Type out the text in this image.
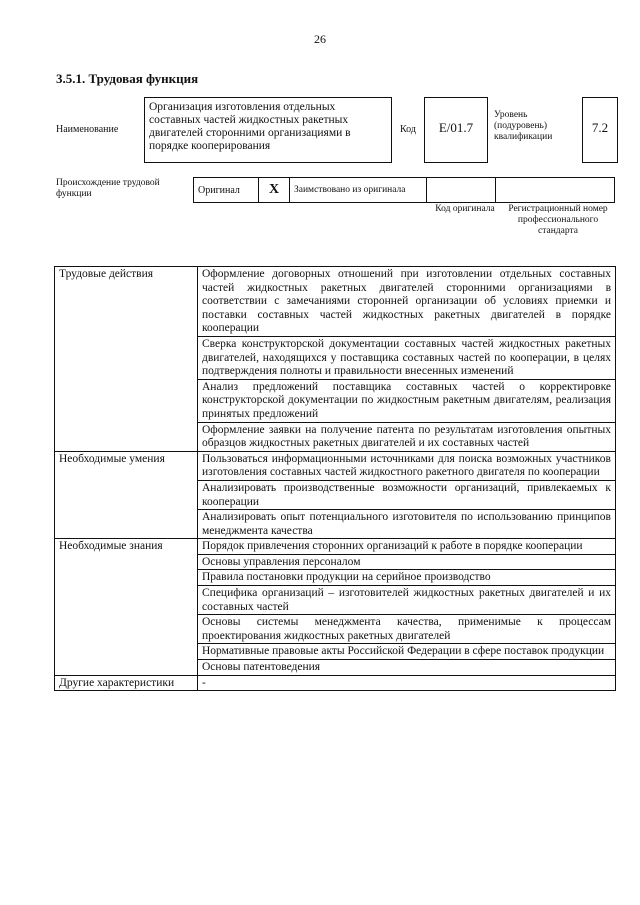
26
3.5.1. Трудовая функция
Наименование
Организация изготовления отдельных составных частей жидкостных ракетных двигателей сторонними организациями в порядке кооперирования
Код	E/01.7
Уровень (подуровень) квалификации
7.2
Происхождение трудовой функции	Оригинал	X	Заимствовано из оригинала		
Код оригинала	Регистрационный номер профессионального стандарта
Трудовые действия	Оформление договорных отношений при изготовлении отдельных составных частей жидкостных ракетных двигателей сторонними организациями в соответствии с замечаниями сторонней организации об условиях приемки и поставки составных частей жидкостных ракетных двигателей в порядке кооперации
	Сверка конструкторской документации составных частей жидкостных ракетных двигателей, находящихся у поставщика составных частей по кооперации, в целях подтверждения полноты и правильности внесенных изменений
	Анализ предложений поставщика составных частей о корректировке конструкторской документации по жидкостным ракетным двигателям, реализация принятых предложений
	Оформление заявки на получение патента по результатам изготовления опытных образцов жидкостных ракетных двигателей и их составных частей
Необходимые умения	Пользоваться информационными источниками для поиска возможных участников изготовления составных частей жидкостного ракетного двигателя по кооперации
	Анализировать производственные возможности организаций, привлекаемых к кооперации
	Анализировать опыт потенциального изготовителя по использованию принципов менеджмента качества
Необходимые знания	Порядок привлечения сторонних организаций к работе в порядке кооперации
	Основы управления персоналом
	Правила постановки продукции на серийное производство
	Специфика организаций – изготовителей жидкостных ракетных двигателей и их составных частей
	Основы системы менеджмента качества, применимые к процессам проектирования жидкостных ракетных двигателей
	Нормативные правовые акты Российской Федерации в сфере поставок продукции
	Основы патентоведения
Другие характеристики	-
